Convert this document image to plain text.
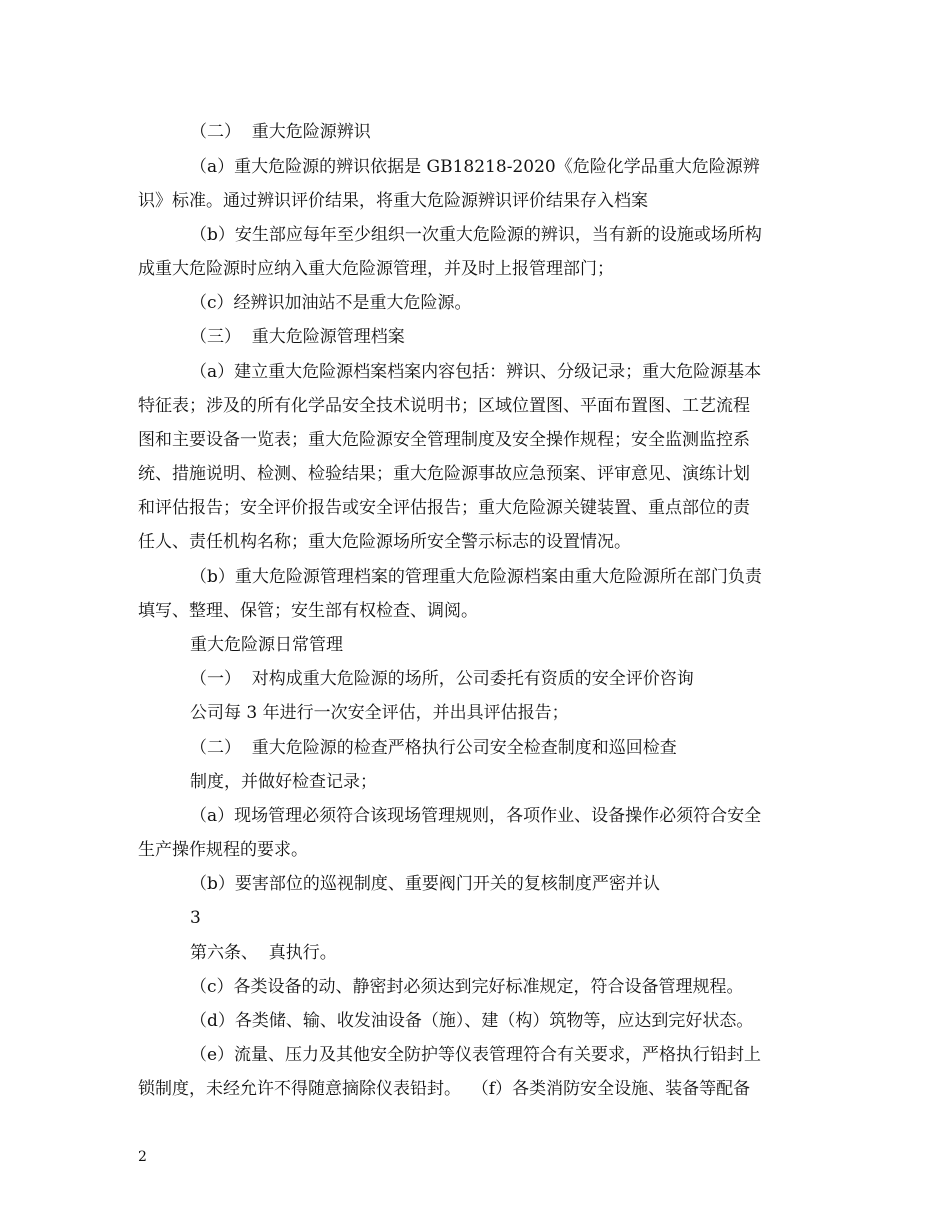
（二）  重大危险源辨识
（a）重大危险源的辨识依据是 GB18218-2020《危险化学品重大危险源辨
识》标准。通过辨识评价结果，将重大危险源辨识评价结果存入档案
（b）安生部应每年至少组织一次重大危险源的辨识，当有新的设施或场所构
成重大危险源时应纳入重大危险源管理，并及时上报管理部门；
（c）经辨识加油站不是重大危险源。
（三）  重大危险源管理档案
（a）建立重大危险源档案档案内容包括：辨识、分级记录；重大危险源基本
特征表；涉及的所有化学品安全技术说明书；区域位置图、平面布置图、工艺流程
图和主要设备一览表；重大危险源安全管理制度及安全操作规程；安全监测监控系
统、措施说明、检测、检验结果；重大危险源事故应急预案、评审意见、演练计划
和评估报告；安全评价报告或安全评估报告；重大危险源关键装置、重点部位的责
任人、责任机构名称；重大危险源场所安全警示标志的设置情况。
（b）重大危险源管理档案的管理重大危险源档案由重大危险源所在部门负责
填写、整理、保管；安生部有权检查、调阅。
重大危险源日常管理
（一）  对构成重大危险源的场所，公司委托有资质的安全评价咨询
公司每 3 年进行一次安全评估，并出具评估报告；
（二）  重大危险源的检查严格执行公司安全检查制度和巡回检查
制度，并做好检查记录；
（a）现场管理必须符合该现场管理规则，各项作业、设备操作必须符合安全
生产操作规程的要求。
（b）要害部位的巡视制度、重要阀门开关的复核制度严密并认
3
第六条、  真执行。
（c）各类设备的动、静密封必须达到完好标准规定，符合设备管理规程。
（d）各类储、输、收发油设备（施）、建（构）筑物等，应达到完好状态。
（e）流量、压力及其他安全防护等仪表管理符合有关要求，严格执行铅封上
锁制度，未经允许不得随意摘除仪表铅封。  （f）各类消防安全设施、装备等配备
2
